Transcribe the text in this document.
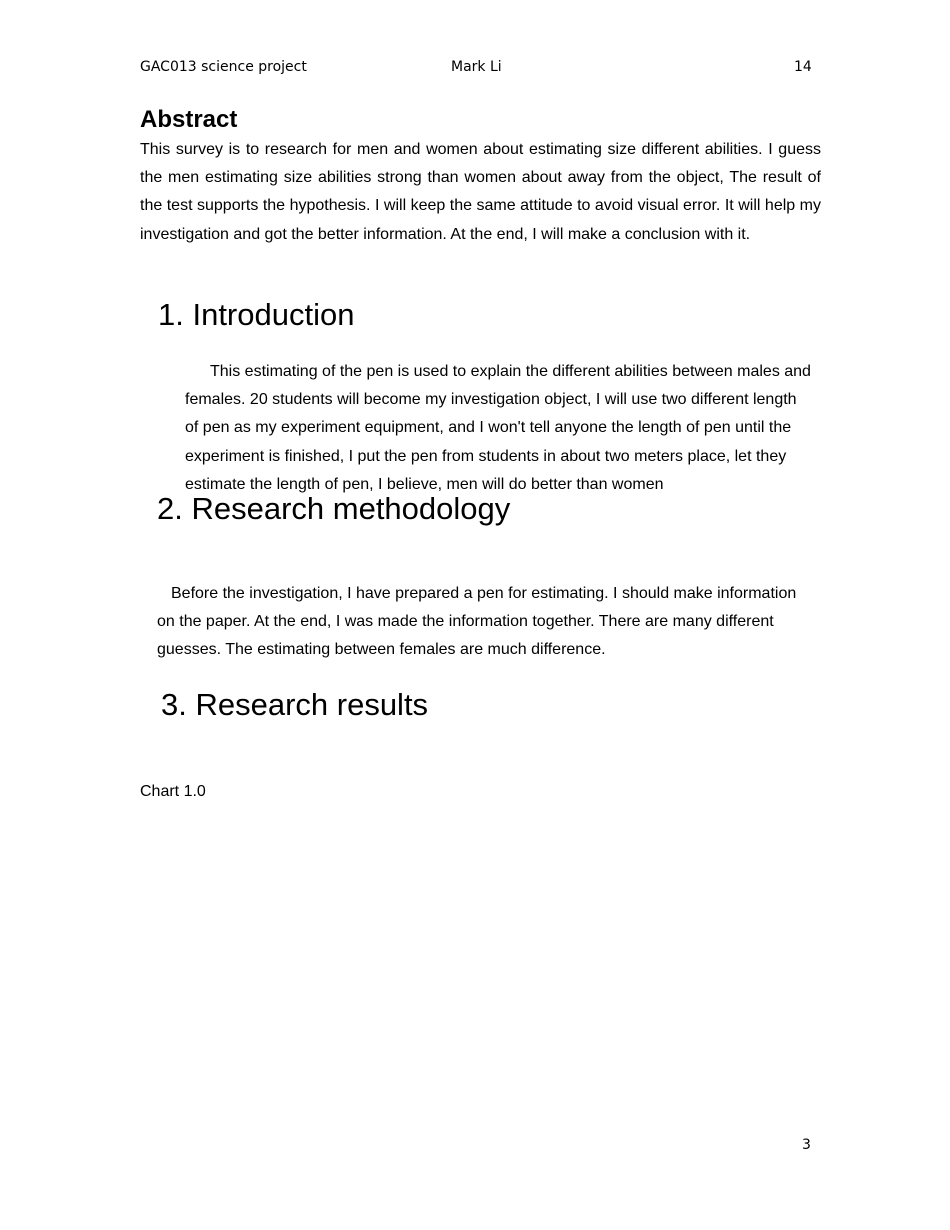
GAC013 science project	Mark Li	14
Abstract

This survey is to research for men and women about estimating size different abilities. I guess the men estimating size abilities strong than women about away from the object, The result of the test supports the hypothesis. I will keep the same attitude to avoid visual error. It will help my investigation and got the better information. At the end, I will make a conclusion with it.

1. Introduction

This estimating of the pen is used to explain the different abilities between males and females. 20 students will become my investigation object, I will use two different length of pen as my experiment equipment, and I won't tell anyone the length of pen until the experiment is finished, I put the pen from students in about two meters place, let they estimate the length of pen, I believe, men will do better than women

2. Research methodology

Before the investigation, I have prepared a pen for estimating. I should make information on the paper. At the end, I was made the information together. There are many different guesses. The estimating between females are much difference.

3. Research results
Chart 1.0
3
